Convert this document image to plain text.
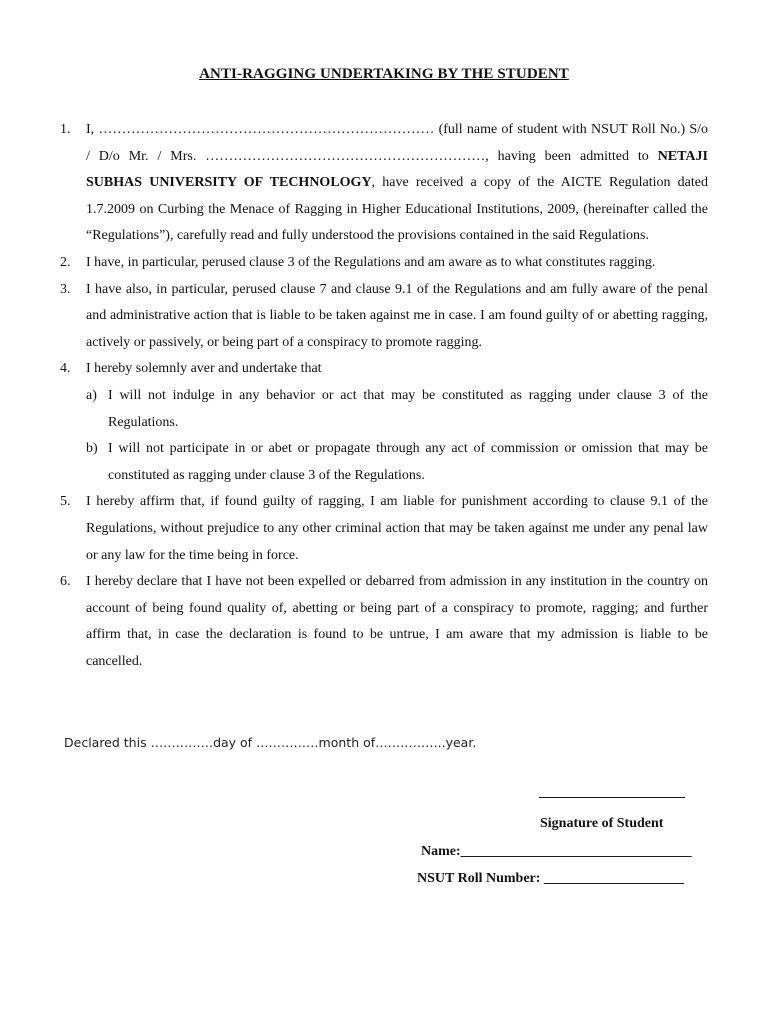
ANTI-RAGGING UNDERTAKING BY THE STUDENT
1. I, ……………………………………………………………… (full name of student with NSUT Roll No.) S/o / D/o Mr. / Mrs. ……………………………………………………, having been admitted to NETAJI SUBHAS UNIVERSITY OF TECHNOLOGY, have received a copy of the AICTE Regulation dated 1.7.2009 on Curbing the Menace of Ragging in Higher Educational Institutions, 2009, (hereinafter called the “Regulations”), carefully read and fully understood the provisions contained in the said Regulations.
2. I have, in particular, perused clause 3 of the Regulations and am aware as to what constitutes ragging.
3. I have also, in particular, perused clause 7 and clause 9.1 of the Regulations and am fully aware of the penal and administrative action that is liable to be taken against me in case. I am found guilty of or abetting ragging, actively or passively, or being part of a conspiracy to promote ragging.
4. I hereby solemnly aver and undertake that
a) I will not indulge in any behavior or act that may be constituted as ragging under clause 3 of the Regulations.
b) I will not participate in or abet or propagate through any act of commission or omission that may be constituted as ragging under clause 3 of the Regulations.
5. I hereby affirm that, if found guilty of ragging, I am liable for punishment according to clause 9.1 of the Regulations, without prejudice to any other criminal action that may be taken against me under any penal law or any law for the time being in force.
6. I hereby declare that I have not been expelled or debarred from admission in any institution in the country on account of being found quality of, abetting or being part of a conspiracy to promote, ragging; and further affirm that, in case the declaration is found to be untrue, I am aware that my admission is liable to be cancelled.
Declared this ……………day of ……………month of……………..year.
Signature of Student
Name:_________________________________
NSUT Roll Number: ____________________
